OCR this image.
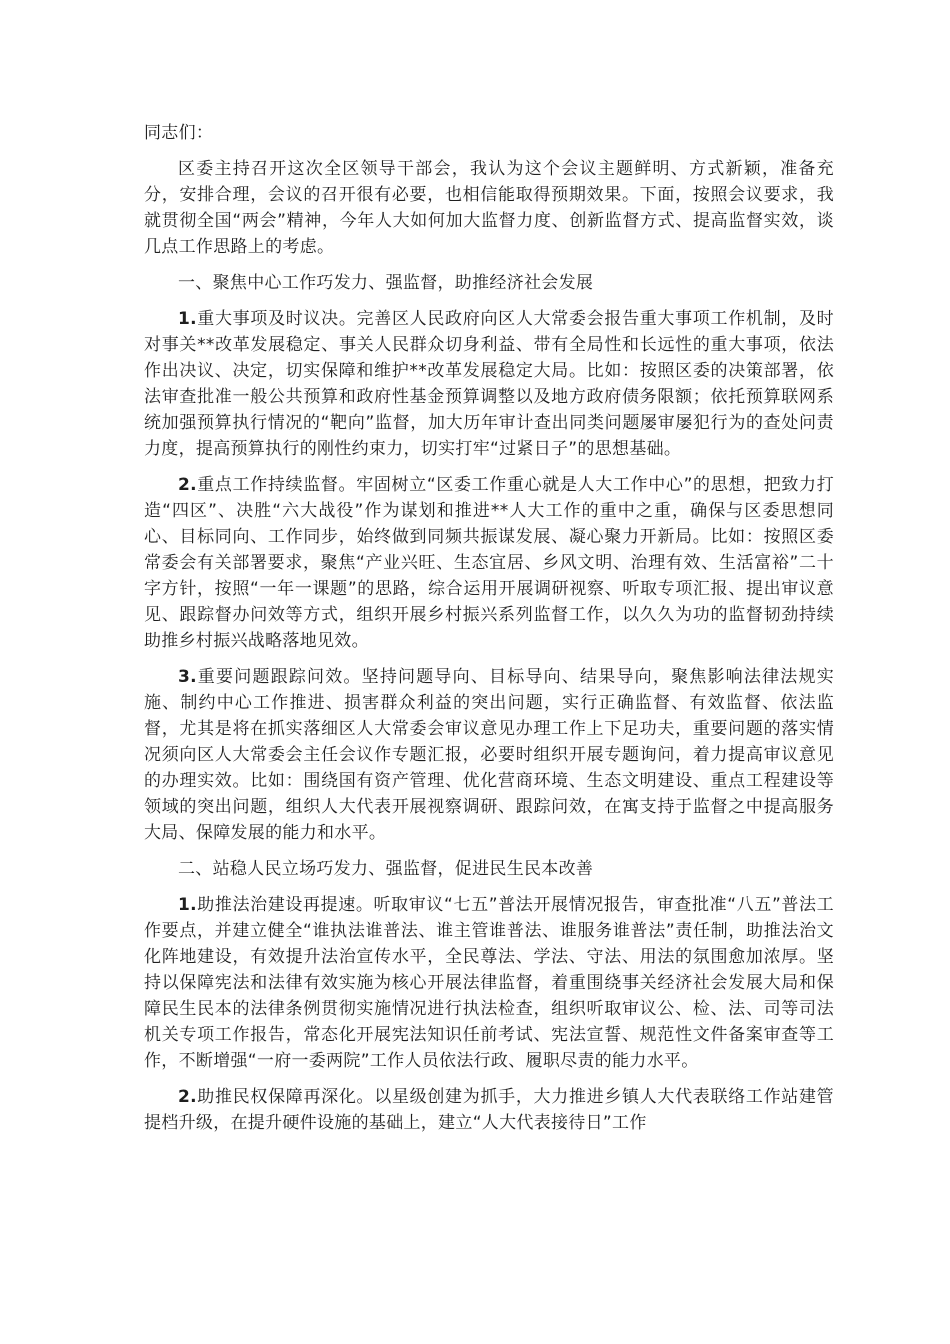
同志们：

区委主持召开这次全区领导干部会，我认为这个会议主题鲜明、方式新颖，准备充分，安排合理，会议的召开很有必要，也相信能取得预期效果。下面，按照会议要求，我就贯彻全国“两会”精神，今年人大如何加大监督力度、创新监督方式、提高监督实效，谈几点工作思路上的考虑。

一、聚焦中心工作巧发力、强监督，助推经济社会发展

1.重大事项及时议决。完善区人民政府向区人大常委会报告重大事项工作机制，及时对事关**改革发展稳定、事关人民群众切身利益、带有全局性和长远性的重大事项，依法作出决议、决定，切实保障和维护**改革发展稳定大局。比如：按照区委的决策部署，依法审查批准一般公共预算和政府性基金预算调整以及地方政府债务限额；依托预算联网系统加强预算执行情况的“靶向”监督，加大历年审计查出同类问题屡审屡犯行为的查处问责力度，提高预算执行的刚性约束力，切实打牢“过紧日子”的思想基础。

2.重点工作持续监督。牢固树立“区委工作重心就是人大工作中心”的思想，把致力打造“四区”、决胜“六大战役”作为谋划和推进**人大工作的重中之重，确保与区委思想同心、目标同向、工作同步，始终做到同频共振谋发展、凝心聚力开新局。比如：按照区委常委会有关部署要求，聚焦“产业兴旺、生态宜居、乡风文明、治理有效、生活富裕”二十字方针，按照“一年一课题”的思路，综合运用开展调研视察、听取专项汇报、提出审议意见、跟踪督办问效等方式，组织开展乡村振兴系列监督工作，以久久为功的监督韧劲持续助推乡村振兴战略落地见效。

3.重要问题跟踪问效。坚持问题导向、目标导向、结果导向，聚焦影响法律法规实施、制约中心工作推进、损害群众利益的突出问题，实行正确监督、有效监督、依法监督，尤其是将在抓实落细区人大常委会审议意见办理工作上下足功夫，重要问题的落实情况须向区人大常委会主任会议作专题汇报，必要时组织开展专题询问，着力提高审议意见的办理实效。比如：围绕国有资产管理、优化营商环境、生态文明建设、重点工程建设等领域的突出问题，组织人大代表开展视察调研、跟踪问效，在寓支持于监督之中提高服务大局、保障发展的能力和水平。

二、站稳人民立场巧发力、强监督，促进民生民本改善

1.助推法治建设再提速。听取审议“七五”普法开展情况报告，审查批准“八五”普法工作要点，并建立健全“谁执法谁普法、谁主管谁普法、谁服务谁普法”责任制，助推法治文化阵地建设，有效提升法治宣传水平，全民尊法、学法、守法、用法的氛围愈加浓厚。坚持以保障宪法和法律有效实施为核心开展法律监督，着重围绕事关经济社会发展大局和保障民生民本的法律条例贯彻实施情况进行执法检查，组织听取审议公、检、法、司等司法机关专项工作报告，常态化开展宪法知识任前考试、宪法宣誓、规范性文件备案审查等工作，不断增强“一府一委两院”工作人员依法行政、履职尽责的能力水平。

2.助推民权保障再深化。以星级创建为抓手，大力推进乡镇人大代表联络工作站建管提档升级，在提升硬件设施的基础上，建立“人大代表接待日”工作
